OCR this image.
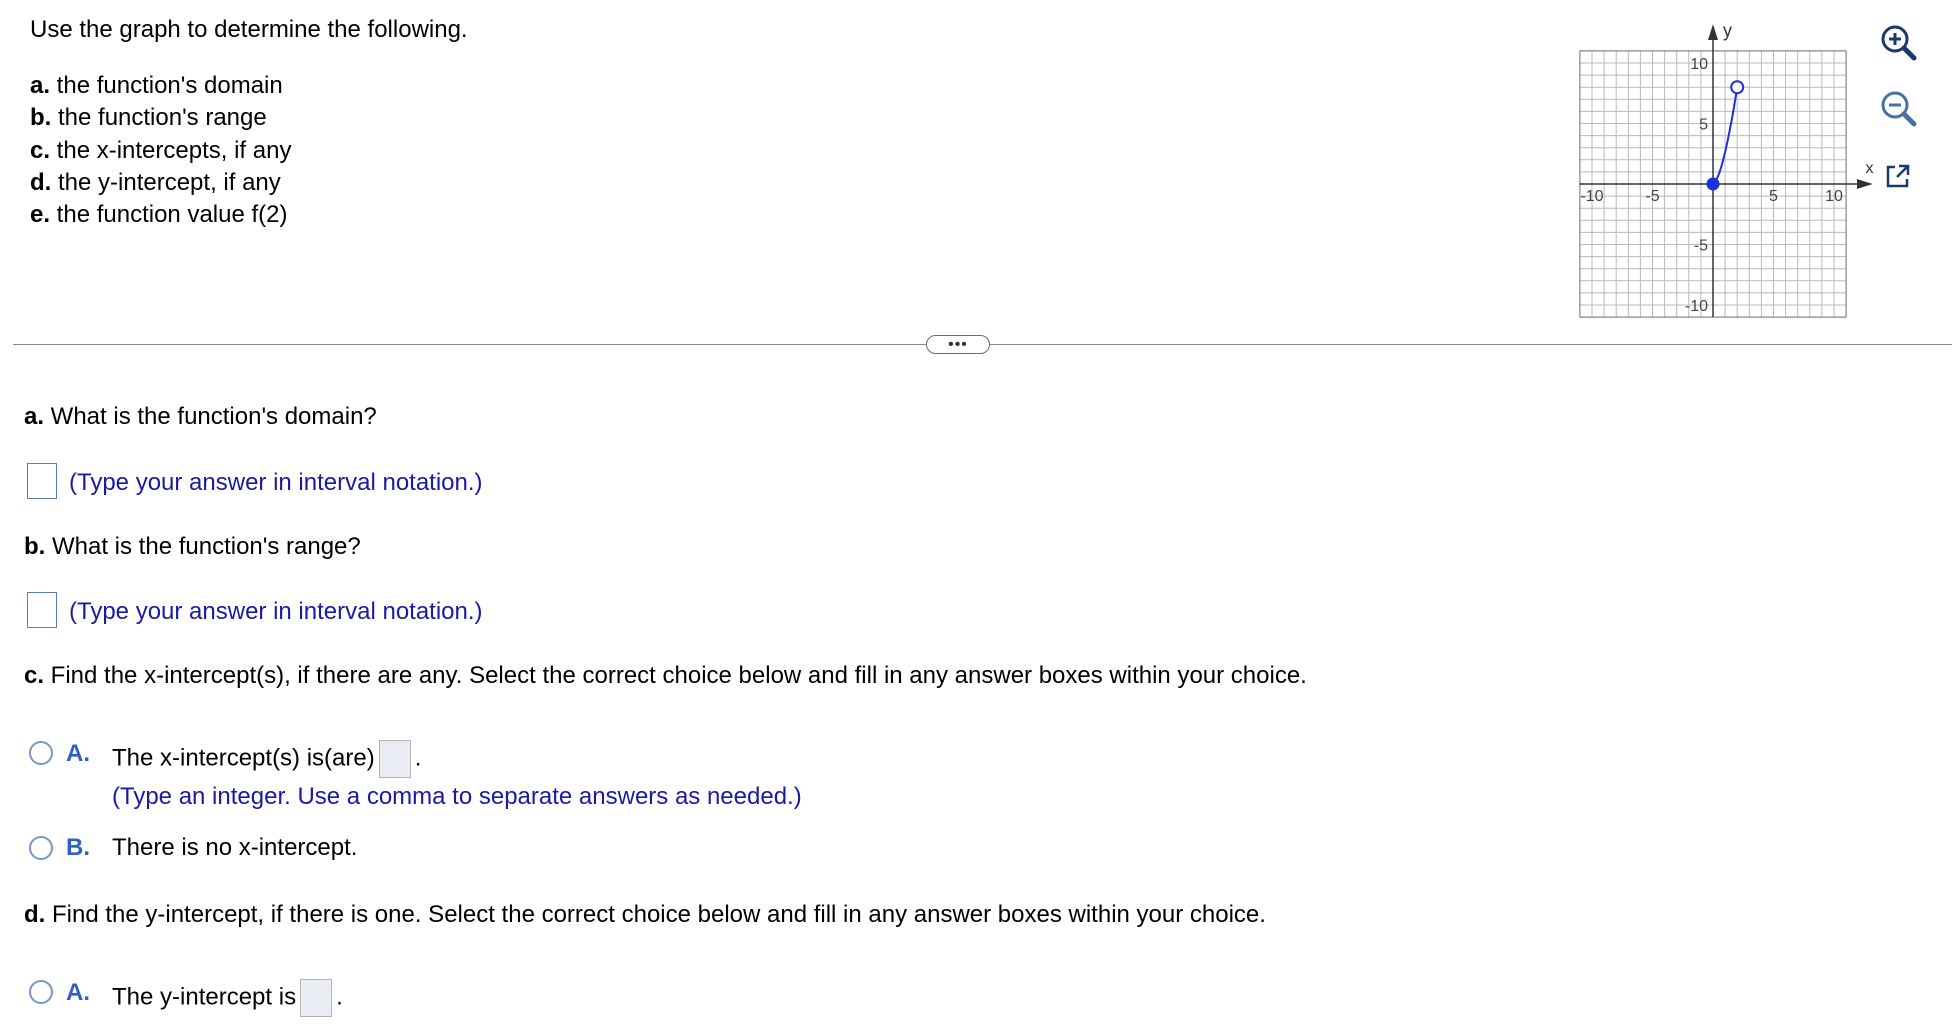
Use the graph to determine the following.
a. the function's domain
b. the function's range
c. the x-intercepts, if any
d. the y-intercept, if any
e. the function value f(2)
-10	-5	5	10
10
5
-5
-10
x
y
•••
a. What is the function's domain?
(Type your answer in interval notation.)
b. What is the function's range?
(Type your answer in interval notation.)
c. Find the x-intercept(s), if there are any. Select the correct choice below and fill in any answer boxes within your choice.
A. The x-intercept(s) is(are) .
(Type an integer. Use a comma to separate answers as needed.)
B. There is no x-intercept.
d. Find the y-intercept, if there is one. Select the correct choice below and fill in any answer boxes within your choice.
A. The y-intercept is .
